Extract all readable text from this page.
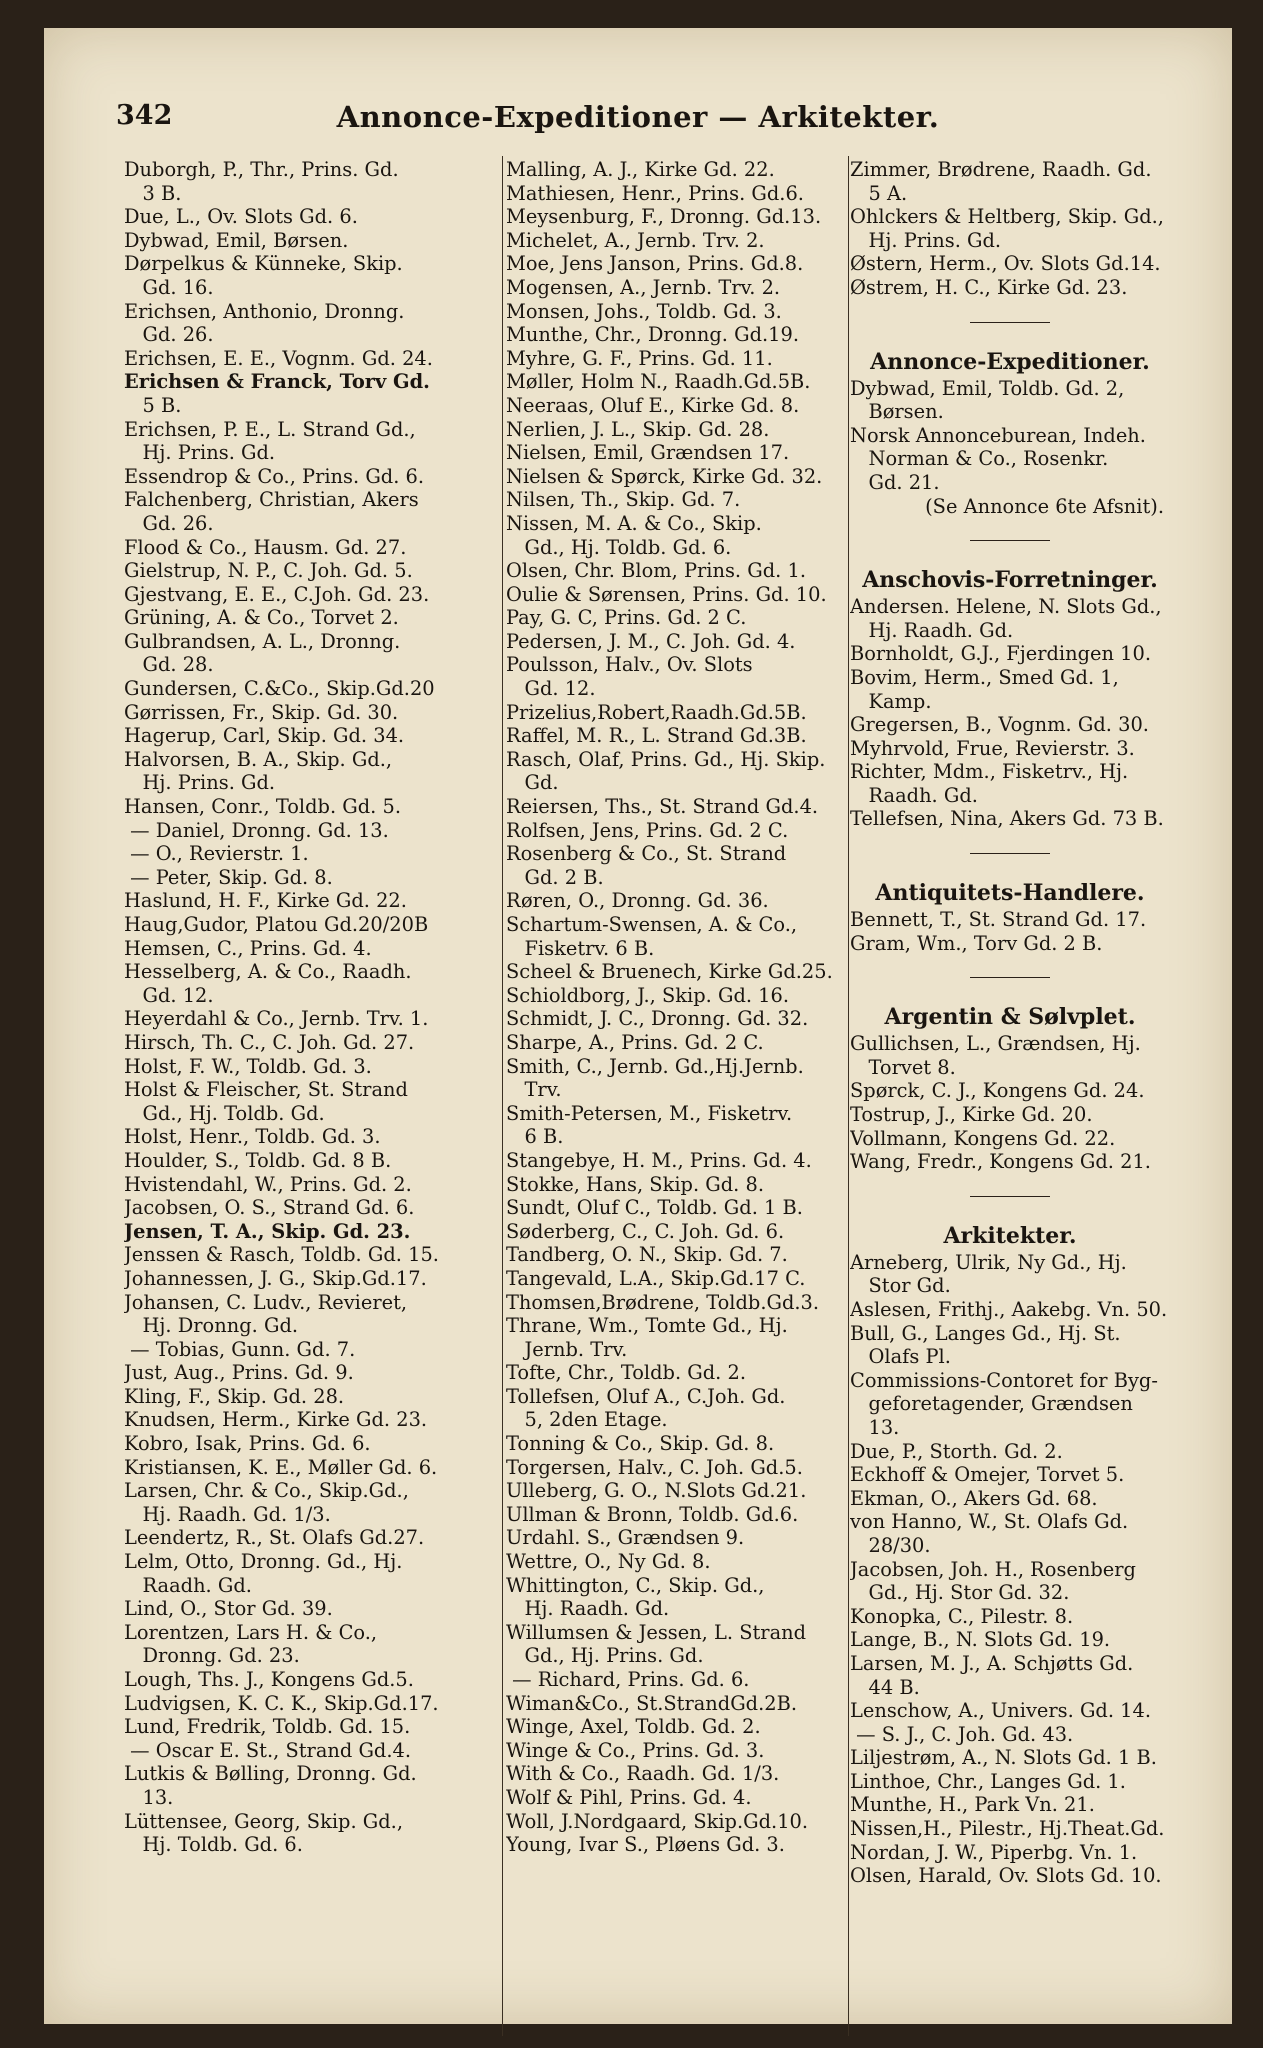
342	Annonce-Expeditioner — Arkitekter.
Duborgh, P., Thr., Prins. Gd.
3 B.
Due, L., Ov. Slots Gd. 6.
Dybwad, Emil, Børsen.
Dørpelkus & Künneke, Skip.
Gd. 16.
Erichsen, Anthonio, Dronng.
Gd. 26.
Erichsen, E. E., Vognm. Gd. 24.
Erichsen & Franck, Torv Gd.
5 B.
Erichsen, P. E., L. Strand Gd.,
Hj. Prins. Gd.
Essendrop & Co., Prins. Gd. 6.
Falchenberg, Christian, Akers
Gd. 26.
Flood & Co., Hausm. Gd. 27.
Gielstrup, N. P., C. Joh. Gd. 5.
Gjestvang, E. E., C.Joh. Gd. 23.
Grüning, A. & Co., Torvet 2.
Gulbrandsen, A. L., Dronng.
Gd. 28.
Gundersen, C.&Co., Skip.Gd.20
Gørrissen, Fr., Skip. Gd. 30.
Hagerup, Carl, Skip. Gd. 34.
Halvorsen, B. A., Skip. Gd.,
Hj. Prins. Gd.
Hansen, Conr., Toldb. Gd. 5.
— Daniel, Dronng. Gd. 13.
— O., Revierstr. 1.
— Peter, Skip. Gd. 8.
Haslund, H. F., Kirke Gd. 22.
Haug,Gudor, Platou Gd.20/20B
Hemsen, C., Prins. Gd. 4.
Hesselberg, A. & Co., Raadh.
Gd. 12.
Heyerdahl & Co., Jernb. Trv. 1.
Hirsch, Th. C., C. Joh. Gd. 27.
Holst, F. W., Toldb. Gd. 3.
Holst & Fleischer, St. Strand
Gd., Hj. Toldb. Gd.
Holst, Henr., Toldb. Gd. 3.
Houlder, S., Toldb. Gd. 8 B.
Hvistendahl, W., Prins. Gd. 2.
Jacobsen, O. S., Strand Gd. 6.
Jensen, T. A., Skip. Gd. 23.
Jenssen & Rasch, Toldb. Gd. 15.
Johannessen, J. G., Skip.Gd.17.
Johansen, C. Ludv., Revieret,
Hj. Dronng. Gd.
— Tobias, Gunn. Gd. 7.
Just, Aug., Prins. Gd. 9.
Kling, F., Skip. Gd. 28.
Knudsen, Herm., Kirke Gd. 23.
Kobro, Isak, Prins. Gd. 6.
Kristiansen, K. E., Møller Gd. 6.
Larsen, Chr. & Co., Skip.Gd.,
Hj. Raadh. Gd. 1/3.
Leendertz, R., St. Olafs Gd.27.
Lelm, Otto, Dronng. Gd., Hj.
Raadh. Gd.
Lind, O., Stor Gd. 39.
Lorentzen, Lars H. & Co.,
Dronng. Gd. 23.
Lough, Ths. J., Kongens Gd.5.
Ludvigsen, K. C. K., Skip.Gd.17.
Lund, Fredrik, Toldb. Gd. 15.
— Oscar E. St., Strand Gd.4.
Lutkis & Bølling, Dronng. Gd.
13.
Lüttensee, Georg, Skip. Gd.,
Hj. Toldb. Gd. 6.
Malling, A. J., Kirke Gd. 22.
Mathiesen, Henr., Prins. Gd.6.
Meysenburg, F., Dronng. Gd.13.
Michelet, A., Jernb. Trv. 2.
Moe, Jens Janson, Prins. Gd.8.
Mogensen, A., Jernb. Trv. 2.
Monsen, Johs., Toldb. Gd. 3.
Munthe, Chr., Dronng. Gd.19.
Myhre, G. F., Prins. Gd. 11.
Møller, Holm N., Raadh.Gd.5B.
Neeraas, Oluf E., Kirke Gd. 8.
Nerlien, J. L., Skip. Gd. 28.
Nielsen, Emil, Grændsen 17.
Nielsen & Spørck, Kirke Gd. 32.
Nilsen, Th., Skip. Gd. 7.
Nissen, M. A. & Co., Skip.
Gd., Hj. Toldb. Gd. 6.
Olsen, Chr. Blom, Prins. Gd. 1.
Oulie & Sørensen, Prins. Gd. 10.
Pay, G. C, Prins. Gd. 2 C.
Pedersen, J. M., C. Joh. Gd. 4.
Poulsson, Halv., Ov. Slots
Gd. 12.
Prizelius,Robert,Raadh.Gd.5B.
Raffel, M. R., L. Strand Gd.3B.
Rasch, Olaf, Prins. Gd., Hj. Skip.
Gd.
Reiersen, Ths., St. Strand Gd.4.
Rolfsen, Jens, Prins. Gd. 2 C.
Rosenberg & Co., St. Strand
Gd. 2 B.
Røren, O., Dronng. Gd. 36.
Schartum-Swensen, A. & Co.,
Fisketrv. 6 B.
Scheel & Bruenech, Kirke Gd.25.
Schioldborg, J., Skip. Gd. 16.
Schmidt, J. C., Dronng. Gd. 32.
Sharpe, A., Prins. Gd. 2 C.
Smith, C., Jernb. Gd.,Hj.Jernb.
Trv.
Smith-Petersen, M., Fisketrv.
6 B.
Stangebye, H. M., Prins. Gd. 4.
Stokke, Hans, Skip. Gd. 8.
Sundt, Oluf C., Toldb. Gd. 1 B.
Søderberg, C., C. Joh. Gd. 6.
Tandberg, O. N., Skip. Gd. 7.
Tangevald, L.A., Skip.Gd.17 C.
Thomsen,Brødrene, Toldb.Gd.3.
Thrane, Wm., Tomte Gd., Hj.
Jernb. Trv.
Tofte, Chr., Toldb. Gd. 2.
Tollefsen, Oluf A., C.Joh. Gd.
5, 2den Etage.
Tonning & Co., Skip. Gd. 8.
Torgersen, Halv., C. Joh. Gd.5.
Ulleberg, G. O., N.Slots Gd.21.
Ullman & Bronn, Toldb. Gd.6.
Urdahl. S., Grændsen 9.
Wettre, O., Ny Gd. 8.
Whittington, C., Skip. Gd.,
Hj. Raadh. Gd.
Willumsen & Jessen, L. Strand
Gd., Hj. Prins. Gd.
— Richard, Prins. Gd. 6.
Wiman&Co., St.StrandGd.2B.
Winge, Axel, Toldb. Gd. 2.
Winge & Co., Prins. Gd. 3.
With & Co., Raadh. Gd. 1/3.
Wolf & Pihl, Prins. Gd. 4.
Woll, J.Nordgaard, Skip.Gd.10.
Young, Ivar S., Pløens Gd. 3.
Zimmer, Brødrene, Raadh. Gd.
5 A.
Ohlckers & Heltberg, Skip. Gd.,
Hj. Prins. Gd.
Østern, Herm., Ov. Slots Gd.14.
Østrem, H. C., Kirke Gd. 23.
Annonce-Expeditioner.
Dybwad, Emil, Toldb. Gd. 2,
Børsen.
Norsk Annonceburean, Indeh.
Norman & Co., Rosenkr.
Gd. 21.
(Se Annonce 6te Afsnit).
Anschovis-Forretninger.
Andersen. Helene, N. Slots Gd.,
Hj. Raadh. Gd.
Bornholdt, G.J., Fjerdingen 10.
Bovim, Herm., Smed Gd. 1,
Kamp.
Gregersen, B., Vognm. Gd. 30.
Myhrvold, Frue, Revierstr. 3.
Richter, Mdm., Fisketrv., Hj.
Raadh. Gd.
Tellefsen, Nina, Akers Gd. 73 B.
Antiquitets-Handlere.
Bennett, T., St. Strand Gd. 17.
Gram, Wm., Torv Gd. 2 B.
Argentin & Sølvplet.
Gullichsen, L., Grændsen, Hj.
Torvet 8.
Spørck, C. J., Kongens Gd. 24.
Tostrup, J., Kirke Gd. 20.
Vollmann, Kongens Gd. 22.
Wang, Fredr., Kongens Gd. 21.
Arkitekter.
Arneberg, Ulrik, Ny Gd., Hj.
Stor Gd.
Aslesen, Frithj., Aakebg. Vn. 50.
Bull, G., Langes Gd., Hj. St.
Olafs Pl.
Commissions-Contoret for Byg-
geforetagender, Grændsen
13.
Due, P., Storth. Gd. 2.
Eckhoff & Omejer, Torvet 5.
Ekman, O., Akers Gd. 68.
von Hanno, W., St. Olafs Gd.
28/30.
Jacobsen, Joh. H., Rosenberg
Gd., Hj. Stor Gd. 32.
Konopka, C., Pilestr. 8.
Lange, B., N. Slots Gd. 19.
Larsen, M. J., A. Schjøtts Gd.
44 B.
Lenschow, A., Univers. Gd. 14.
— S. J., C. Joh. Gd. 43.
Liljestrøm, A., N. Slots Gd. 1 B.
Linthoe, Chr., Langes Gd. 1.
Munthe, H., Park Vn. 21.
Nissen,H., Pilestr., Hj.Theat.Gd.
Nordan, J. W., Piperbg. Vn. 1.
Olsen, Harald, Ov. Slots Gd. 10.
